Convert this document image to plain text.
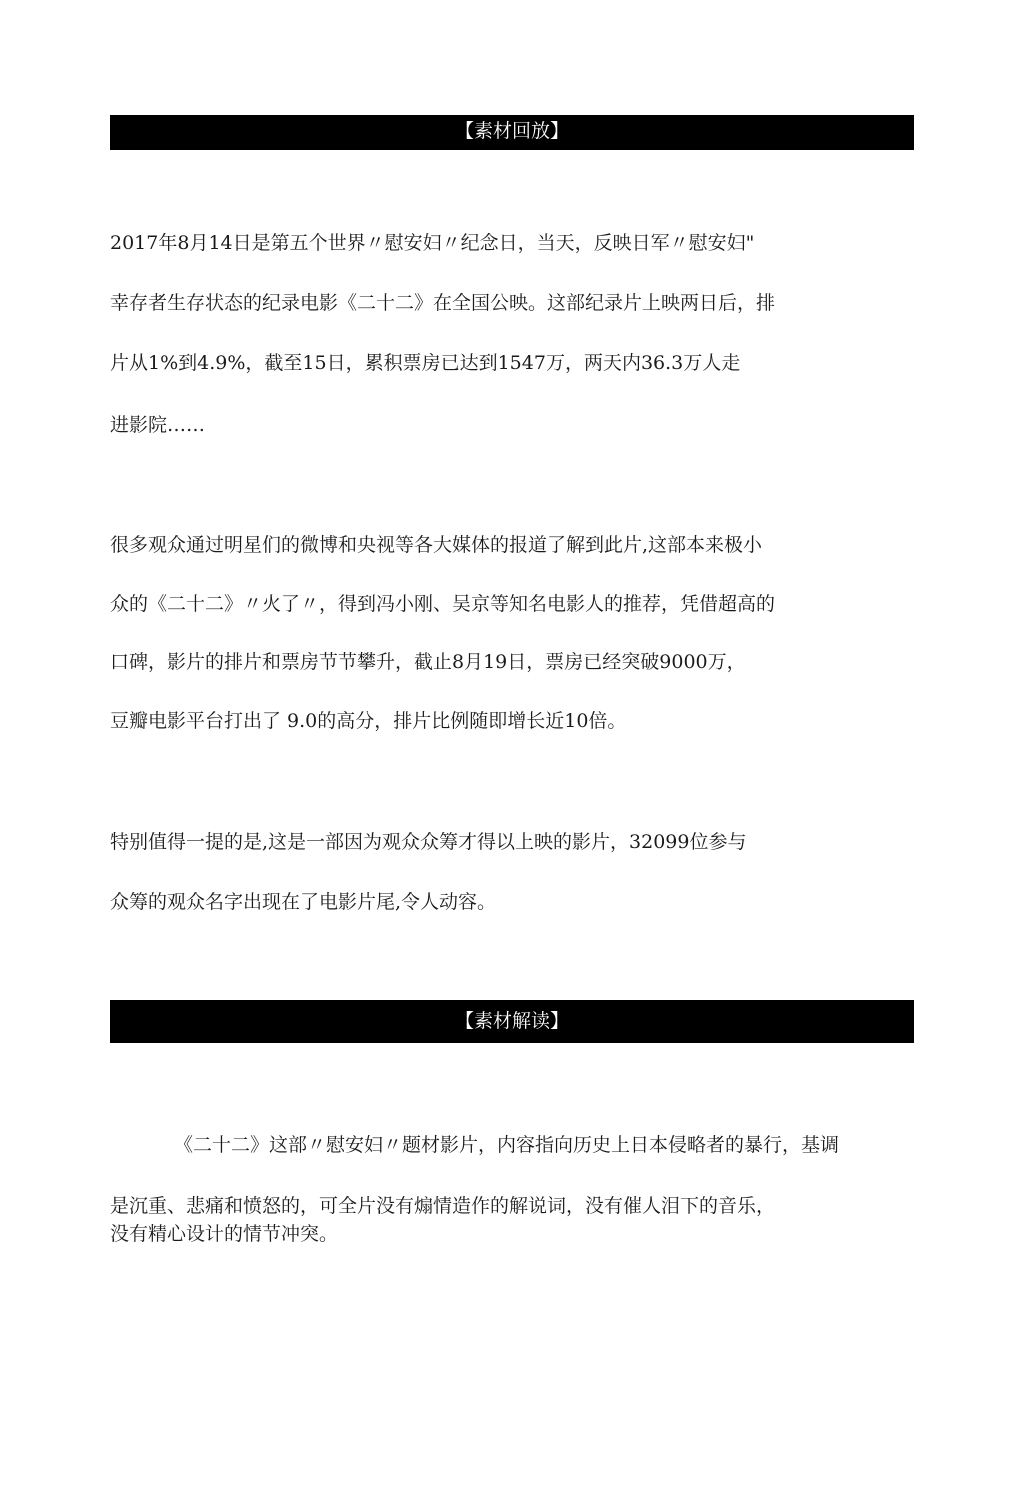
【素材回放】
2017年8月14日是第五个世界〃慰安妇〃纪念日，当天，反映日军〃慰安妇"
幸存者生存状态的纪录电影《二十二》在全国公映。这部纪录片上映两日后，排
片从1%到4.9%，截至15日，累积票房已达到1547万，两天内36.3万人走
进影院……
很多观众通过明星们的微博和央视等各大媒体的报道了解到此片,这部本来极小
众的《二十二》〃火了〃，得到冯小刚、吴京等知名电影人的推荐，凭借超高的
口碑，影片的排片和票房节节攀升，截止8月19日，票房已经突破9000万，
豆瓣电影平台打出了 9.0的高分，排片比例随即增长近10倍。
特别值得一提的是,这是一部因为观众众筹才得以上映的影片，32099位参与
众筹的观众名字出现在了电影片尾,令人动容。
【素材解读】
《二十二》这部〃慰安妇〃题材影片，内容指向历史上日本侵略者的暴行，基调
是沉重、悲痛和愤怒的，可全片没有煽情造作的解说词，没有催人泪下的音乐，
没有精心设计的情节冲突。
